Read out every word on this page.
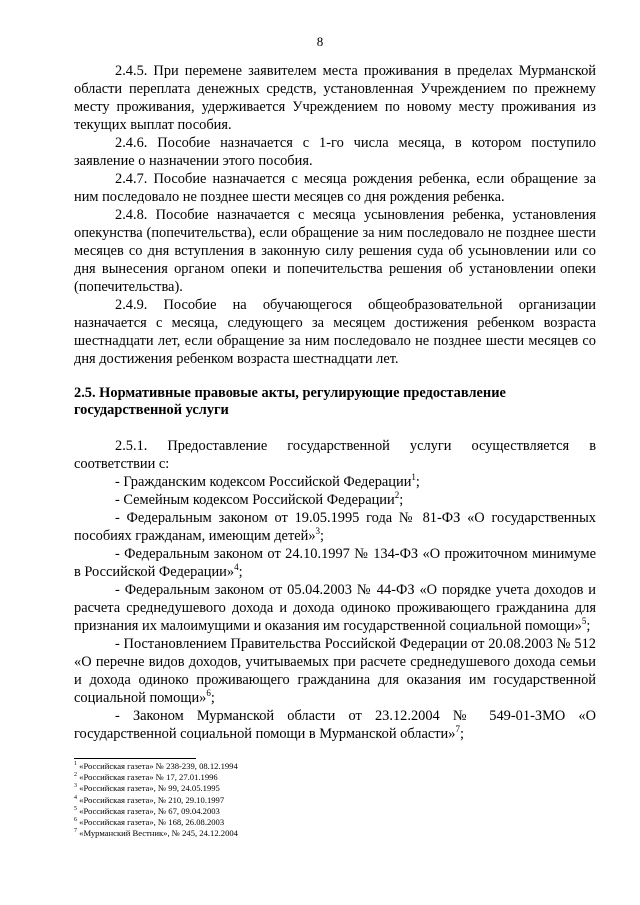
8

2.4.5. При перемене заявителем места проживания в пределах Мурманской области переплата денежных средств, установленная Учреждением по прежнему месту проживания, удерживается Учреждением по новому месту проживания из текущих выплат пособия.

2.4.6. Пособие назначается с 1-го числа месяца, в котором поступило заявление о назначении этого пособия.

2.4.7. Пособие назначается с месяца рождения ребенка, если обращение за ним последовало не позднее шести месяцев со дня рождения ребенка.

2.4.8. Пособие назначается с месяца усыновления ребенка, установления опекунства (попечительства), если обращение за ним последовало не позднее шести месяцев со дня вступления в законную силу решения суда об усыновлении или со дня вынесения органом опеки и попечительства решения об установлении опеки (попечительства).

2.4.9. Пособие на обучающегося общеобразовательной организации назначается с месяца, следующего за месяцем достижения ребенком возраста шестнадцати лет, если обращение за ним последовало не позднее шести месяцев со дня достижения ребенком возраста шестнадцати лет.

2.5. Нормативные правовые акты, регулирующие предоставление
государственной услуги

2.5.1. Предоставление государственной услуги осуществляется в соответствии с:

- Гражданским кодексом Российской Федерации$^1$;

- Семейным кодексом Российской Федерации$^2$;

- Федеральным законом от 19.05.1995 года № 81-ФЗ «О государственных пособиях гражданам, имеющим детей»$^3$;

- Федеральным законом от 24.10.1997 № 134-ФЗ «О прожиточном минимуме в Российской Федерации»$^4$;

- Федеральным законом от 05.04.2003 № 44-ФЗ «О порядке учета доходов и расчета среднедушевого дохода и дохода одиноко проживающего гражданина для признания их малоимущими и оказания им государственной социальной помощи»$^5$;

- Постановлением Правительства Российской Федерации от 20.08.2003 № 512 «О перечне видов доходов, учитываемых при расчете среднедушевого дохода семьи и дохода одиноко проживающего гражданина для оказания им государственной социальной помощи»$^6$;

- Законом Мурманской области от 23.12.2004 № 549-01-ЗМО «О государственной социальной помощи в Мурманской области»$^7$;

$^1$ «Российская газета» № 238-239, 08.12.1994
$^2$ «Российская газета» № 17, 27.01.1996
$^3$ «Российская газета», № 99, 24.05.1995
$^4$ «Российская газета», № 210, 29.10.1997
$^5$ «Российская газета», № 67, 09.04.2003
$^6$ «Российская газета», № 168, 26.08.2003
$^7$ «Мурманский Вестник», № 245, 24.12.2004
